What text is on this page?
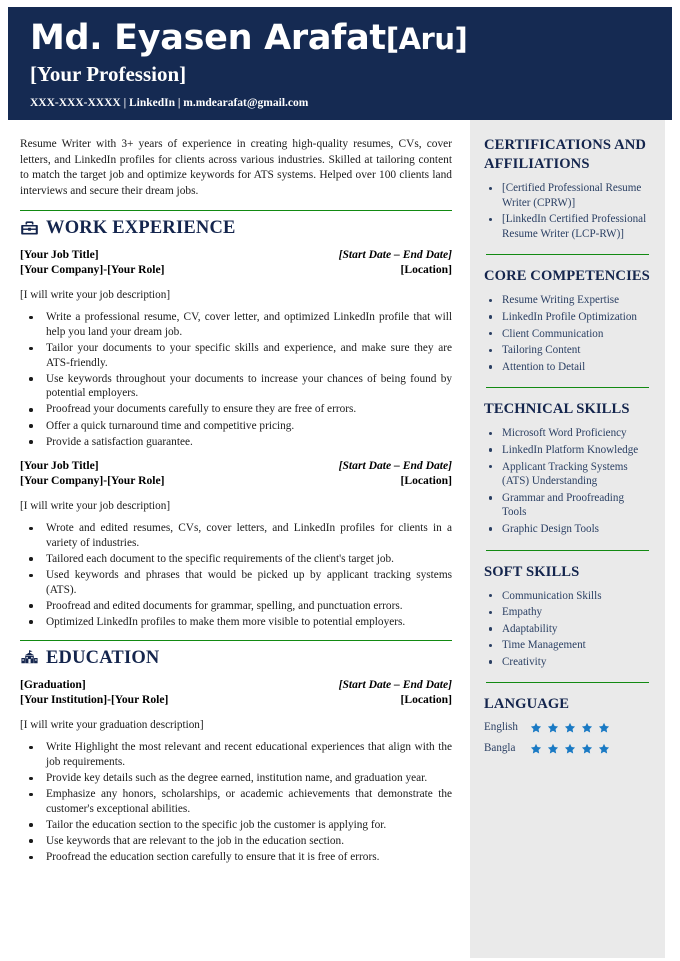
Md. Eyasen Arafat[Aru]
[Your Profession]
XXX-XXX-XXXX | LinkedIn | m.mdearafat@gmail.com
Resume Writer with 3+ years of experience in creating high-quality resumes, CVs, cover letters, and LinkedIn profiles for clients across various industries. Skilled at tailoring content to match the target job and optimize keywords for ATS systems. Helped over 100 clients land interviews and secure their dream jobs.
WORK EXPERIENCE
[Your Job Title]	[Start Date – End Date]
[Your Company]-[Your Role]	[Location]
[I will write your job description]
Write a professional resume, CV, cover letter, and optimized LinkedIn profile that will help you land your dream job.
Tailor your documents to your specific skills and experience, and make sure they are ATS-friendly.
Use keywords throughout your documents to increase your chances of being found by potential employers.
Proofread your documents carefully to ensure they are free of errors.
Offer a quick turnaround time and competitive pricing.
Provide a satisfaction guarantee.
[Your Job Title]	[Start Date – End Date]
[Your Company]-[Your Role]	[Location]
[I will write your job description]
Wrote and edited resumes, CVs, cover letters, and LinkedIn profiles for clients in a variety of industries.
Tailored each document to the specific requirements of the client's target job.
Used keywords and phrases that would be picked up by applicant tracking systems (ATS).
Proofread and edited documents for grammar, spelling, and punctuation errors.
Optimized LinkedIn profiles to make them more visible to potential employers.
EDUCATION
[Graduation]	[Start Date – End Date]
[Your Institution]-[Your Role]	[Location]
[I will write your graduation description]
Write Highlight the most relevant and recent educational experiences that align with the job requirements.
Provide key details such as the degree earned, institution name, and graduation year.
Emphasize any honors, scholarships, or academic achievements that demonstrate the customer's exceptional abilities.
Tailor the education section to the specific job the customer is applying for.
Use keywords that are relevant to the job in the education section.
Proofread the education section carefully to ensure that it is free of errors.
CERTIFICATIONS AND AFFILIATIONS
[Certified Professional Resume Writer (CPRW)]
[LinkedIn Certified Professional Resume Writer (LCP-RW)]
CORE COMPETENCIES
Resume Writing Expertise
LinkedIn Profile Optimization
Client Communication
Tailoring Content
Attention to Detail
TECHNICAL SKILLS
Microsoft Word Proficiency
LinkedIn Platform Knowledge
Applicant Tracking Systems (ATS) Understanding
Grammar and Proofreading Tools
Graphic Design Tools
SOFT SKILLS
Communication Skills
Empathy
Adaptability
Time Management
Creativity
LANGUAGE
English
Bangla
